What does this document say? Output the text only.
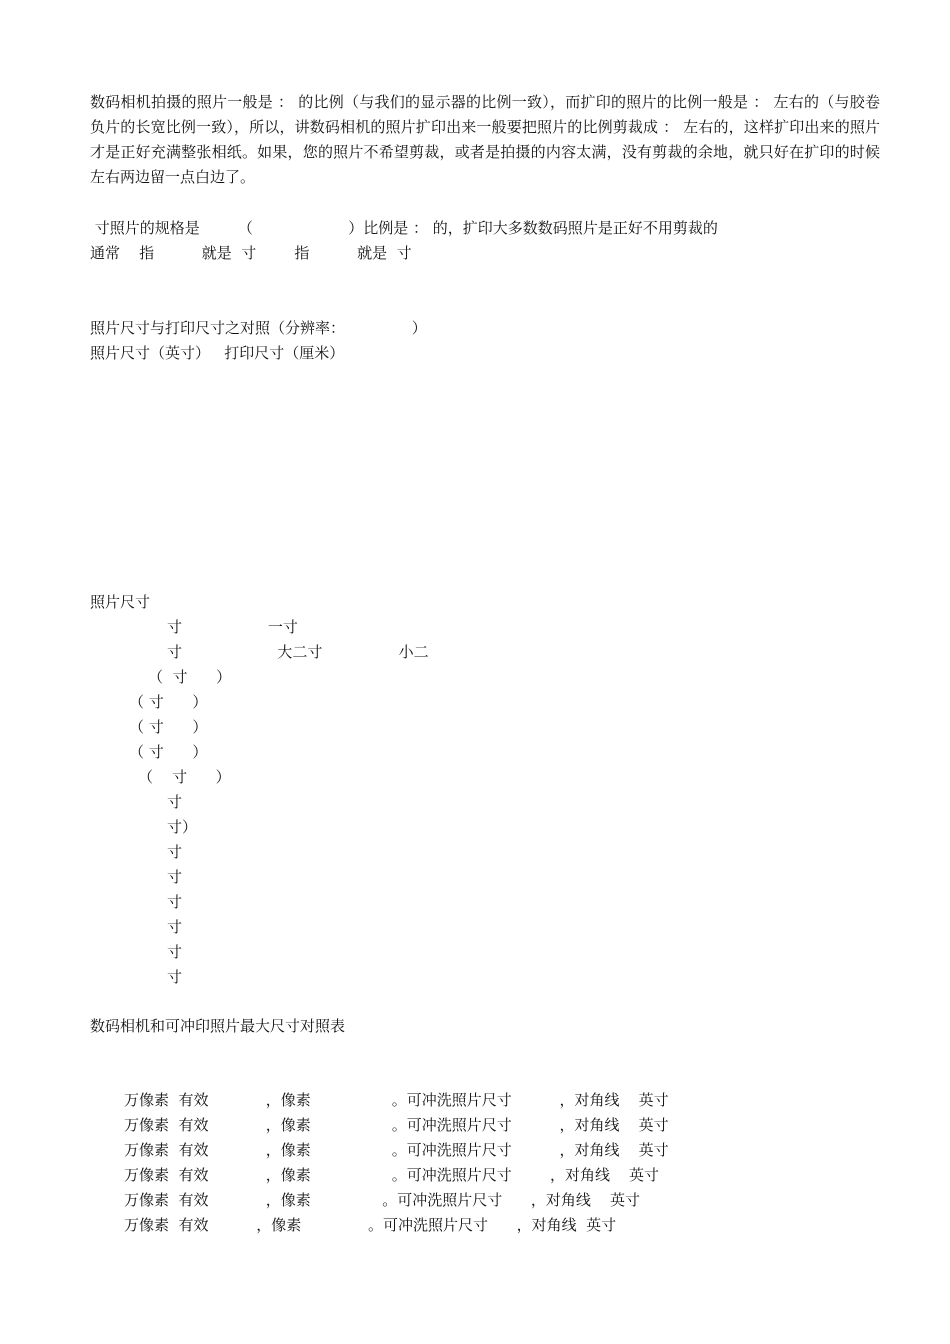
数码相机拍摄的照片一般是 ： 的比例（与我们的显示器的比例一致），而扩印的照片的比例一般是 ： 左右的（与胶卷负片的长宽比例一致），所以，讲数码相机的照片扩印出来一般要把照片的比例剪裁成 ： 左右的，这样扩印出来的照片才是正好充满整张相纸。如果，您的照片不希望剪裁，或者是拍摄的内容太满，没有剪裁的余地，就只好在扩印的时候左右两边留一点白边了。
寸照片的规格是        （                    ）比例是 ： 的，扩印大多数数码照片是正好不用剪裁的
通常    指          就是  寸        指          就是  寸
照片尺寸与打印尺寸之对照（分辨率：              ）
照片尺寸（英寸）   打印尺寸（厘米）
照片尺寸
寸                  一寸
寸                    大二寸                小二
（  寸      ）
（ 寸      ）
（ 寸      ）
（ 寸      ）
（    寸      ）
寸
寸）
寸
寸
寸
寸
寸
寸
数码相机和可冲印照片最大尺寸对照表
万像素  有效            ，像素                 。可冲洗照片尺寸          ，对角线    英寸
万像素  有效            ，像素                 。可冲洗照片尺寸          ，对角线    英寸
万像素  有效            ，像素                 。可冲洗照片尺寸          ，对角线    英寸
万像素  有效            ，像素                 。可冲洗照片尺寸        ，对角线    英寸
万像素  有效            ，像素               。可冲洗照片尺寸      ，对角线    英寸
万像素  有效          ，像素              。可冲洗照片尺寸      ，对角线  英寸
